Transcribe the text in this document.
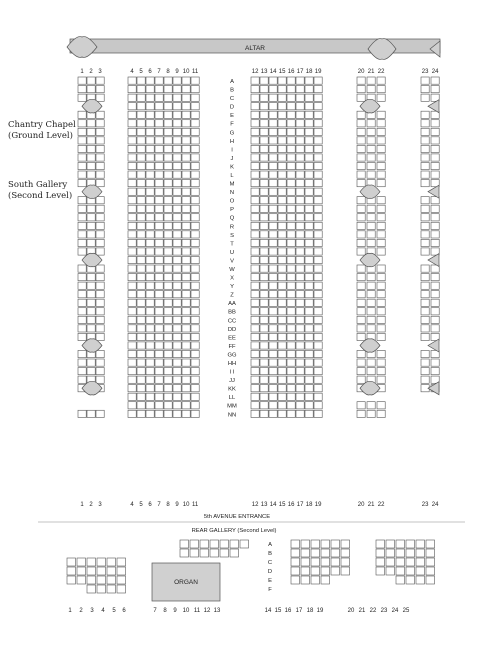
ALTAR
1
1
2
2
3
3
4
4
5
5
6
6
7
7
8
8
9
9
10
10
11
11
12
12
13
13
14
14
15
15
16
16
17
17
18
18
19
19
20
20
21
21
22
22
23
23
24
24
A
B
C
D
E
F
G
H
I
J
K
L
M
N
O
P
Q
R
S
T
U
V
W
X
Y
Z
AA
BB
CC
DD
EE
FF
GG
HH
I I
JJ
KK
LL
MM
NN
5th AVENUE ENTRANCE
REAR GALLERY (Second Level)
A
B
C
D
E
F
ORGAN
1 2 3 4 5 6	7 8 9 10 11 12 13	14 15 16 17 18 19	20 21 22 23 24 25
Chantry Chapel
(Ground Level)
South Gallery
(Second Level)
